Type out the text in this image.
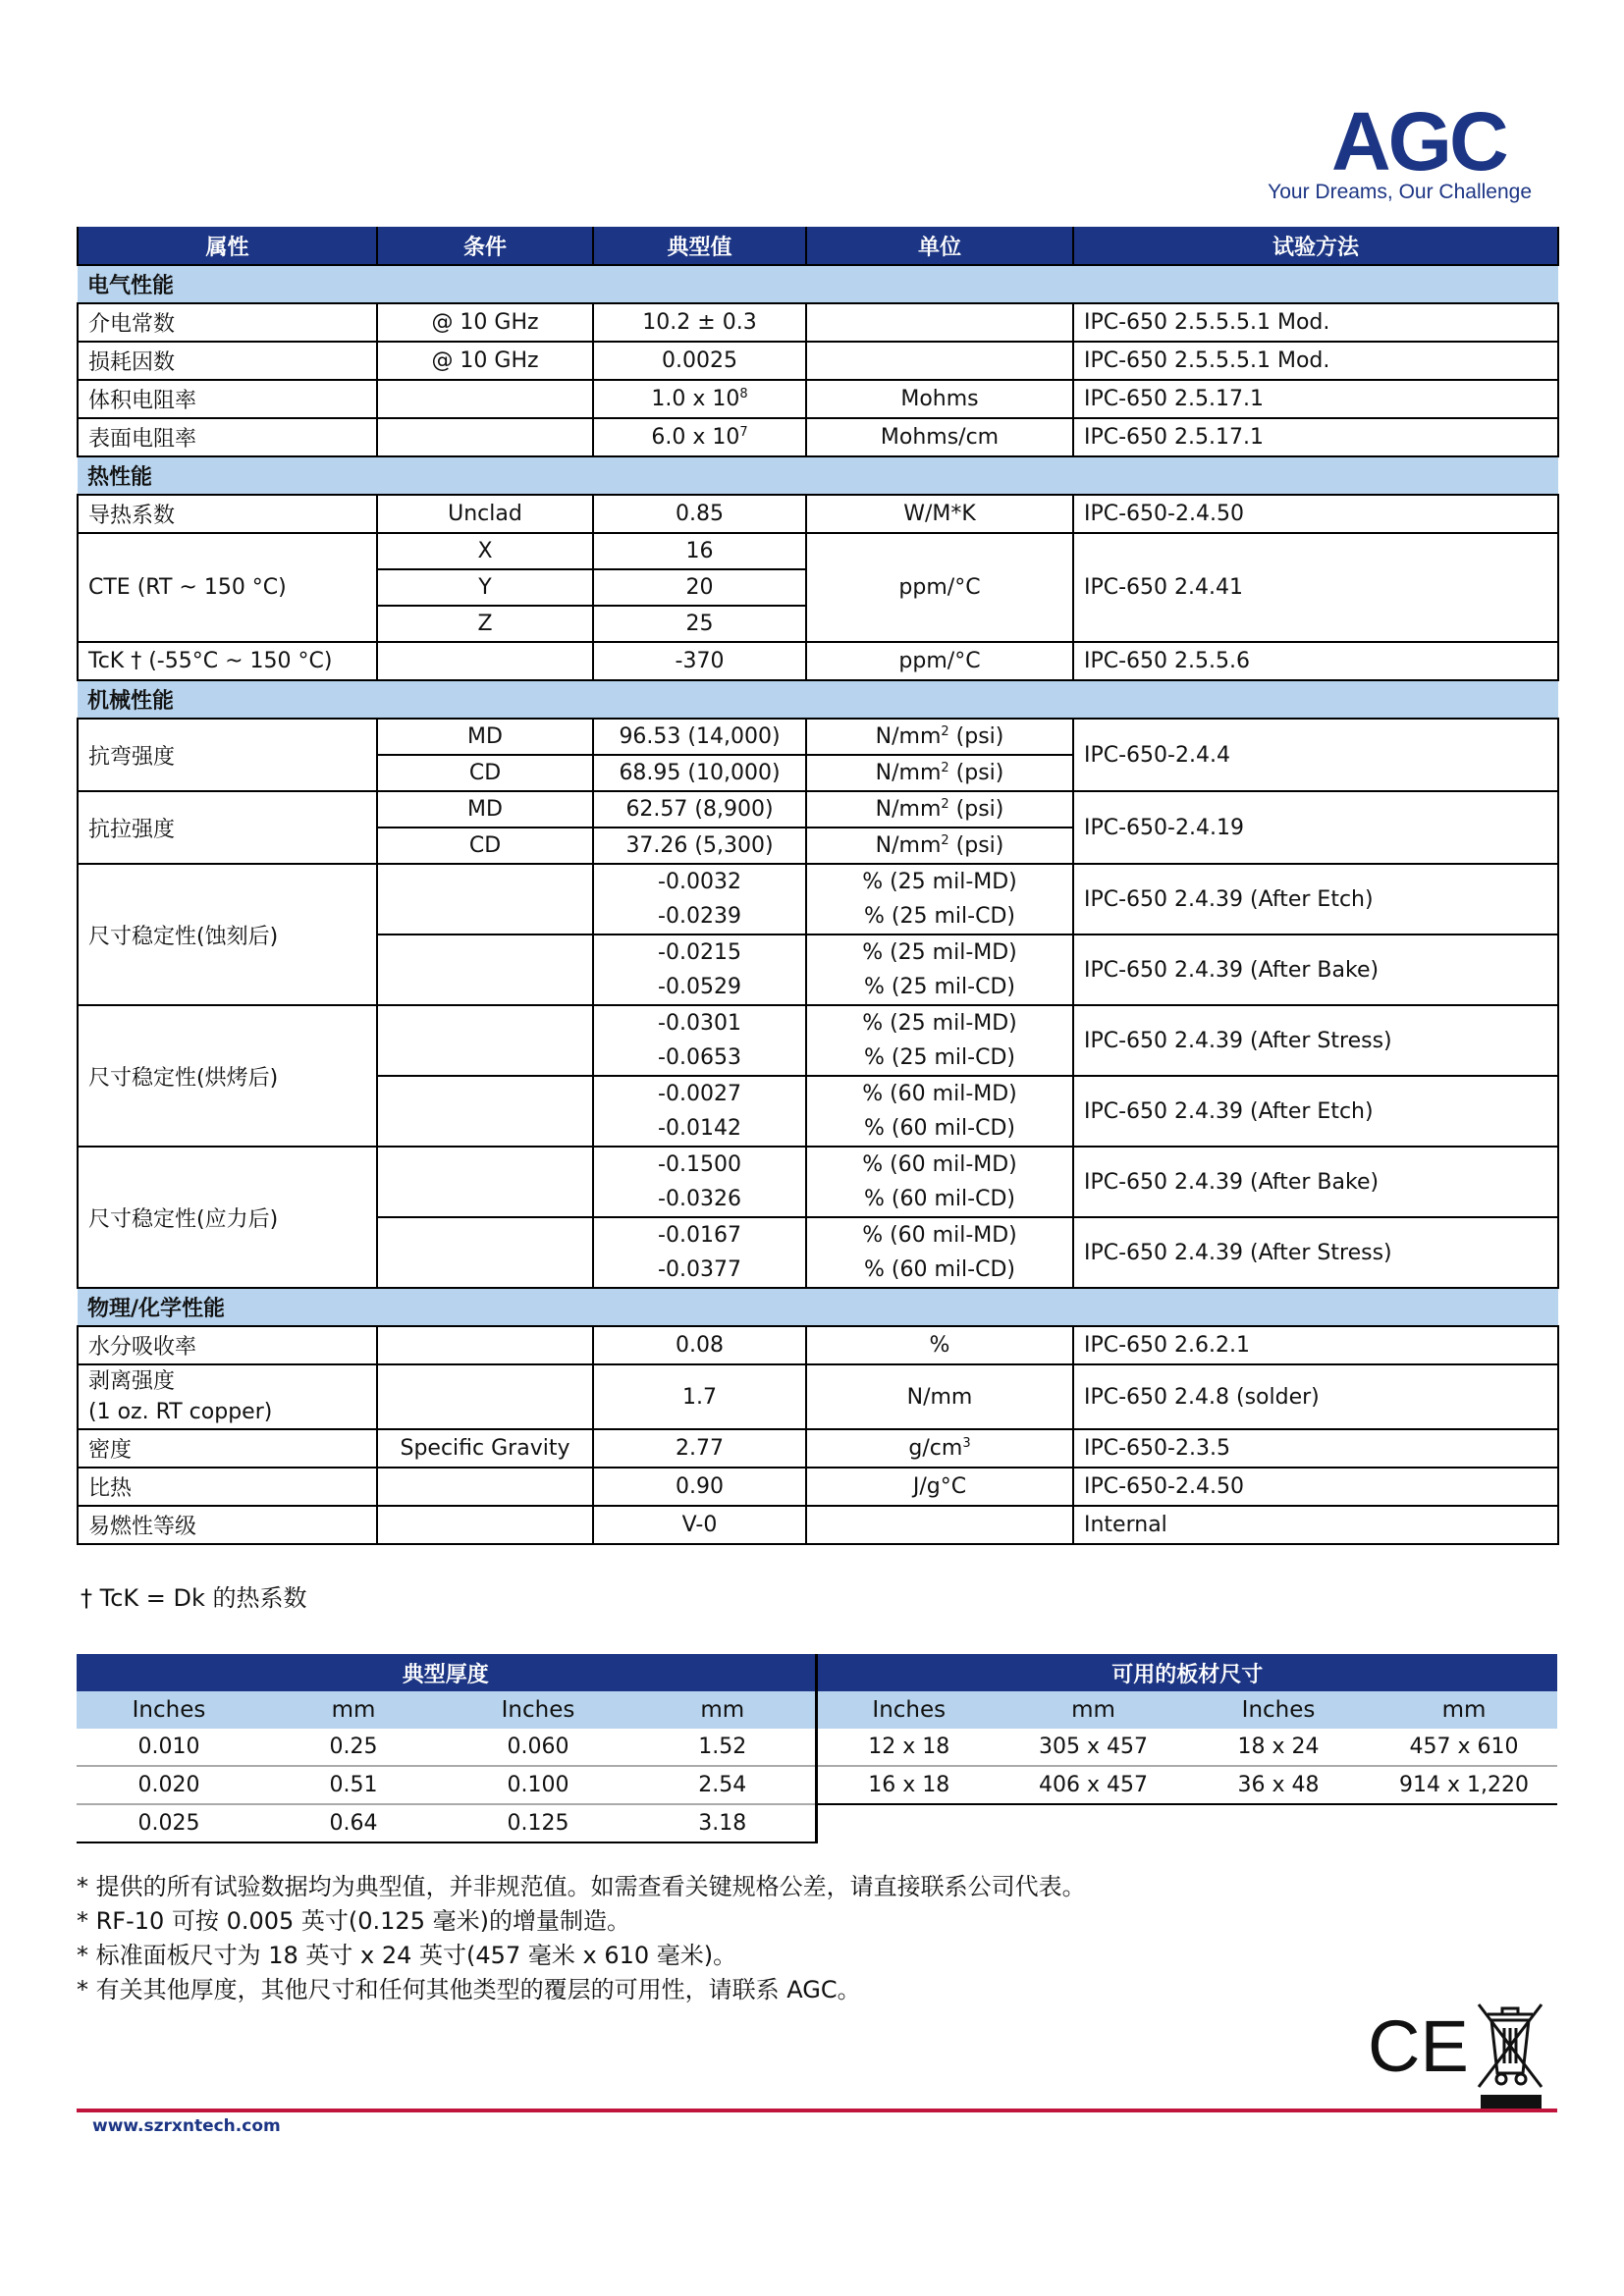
AGC
Your Dreams, Our Challenge
属性	条件	典型值	单位	试验方法
电气性能				
介电常数	@ 10 GHz	10.2 ± 0.3		IPC-650 2.5.5.5.1 Mod.
损耗因数	@ 10 GHz	0.0025		IPC-650 2.5.5.5.1 Mod.
体积电阻率		1.0 x $10^8$	Mohms	IPC-650 2.5.17.1
表面电阻率		6.0 x $10^7$	Mohms/cm	IPC-650 2.5.17.1
热性能				
导热系数	Unclad	0.85	W/M*K	IPC-650-2.4.50
CTE (RT ~ 150 °C)	X	16	ppm/°C	IPC-650 2.4.41
	Y	20		
	Z	25		
TcK † (-55°C ~ 150 °C)		-370	ppm/°C	IPC-650 2.5.5.6
机械性能				
抗弯强度	MD	96.53 (14,000)	$N/mm^2$ (psi)	IPC-650-2.4.4
	CD	68.95 (10,000)	$N/mm^2$ (psi)	
抗拉强度	MD	62.57 (8,900)	$N/mm^2$ (psi)	IPC-650-2.4.19
	CD	37.26 (5,300)	$N/mm^2$ (psi)	
尺寸稳定性(蚀刻后)		-0.0032	% (25 mil-MD)	IPC-650 2.4.39 (After Etch)
		-0.0239	% (25 mil-CD)	
		-0.0215	% (25 mil-MD)	IPC-650 2.4.39 (After Bake)
		-0.0529	% (25 mil-CD)	
尺寸稳定性(烘烤后)		-0.0301	% (25 mil-MD)	IPC-650 2.4.39 (After Stress)
		-0.0653	% (25 mil-CD)	
		-0.0027	% (60 mil-MD)	IPC-650 2.4.39 (After Etch)
		-0.0142	% (60 mil-CD)	
尺寸稳定性(应力后)		-0.1500	% (60 mil-MD)	IPC-650 2.4.39 (After Bake)
		-0.0326	% (60 mil-CD)	
		-0.0167	% (60 mil-MD)	IPC-650 2.4.39 (After Stress)
		-0.0377	% (60 mil-CD)	
物理/化学性能				
水分吸收率		0.08	%	IPC-650 2.6.2.1

剥离强度
(1 oz. RT copper)		1.7	N/mm	IPC-650 2.4.8 (solder)
密度	Specific Gravity	2.77	$g/cm^3$	IPC-650-2.3.5
比热		0.90	J/g°C	IPC-650-2.4.50
易燃性等级		V-0		Internal
† TcK = Dk 的热系数
典型厚度				可用的板材尺寸			
Inches	mm	Inches	mm	Inches	mm	Inches	mm
0.010	0.25	0.060	1.52	12 x 18	305 x 457	18 x 24	457 x 610
0.020	0.51	0.100	2.54	16 x 18	406 x 457	36 x 48	914 x 1,220
0.025	0.64	0.125	3.18				
* 提供的所有试验数据均为典型值，并非规范值。如需查看关键规格公差，请直接联系公司代表。
* RF-10 可按 0.005 英寸(0.125 毫米)的增量制造。
* 标准面板尺寸为 18 英寸 x 24 英寸(457 毫米 x 610 毫米)。
* 有关其他厚度，其他尺寸和任何其他类型的覆层的可用性，请联系 AGC。
CE
www.szrxntech.com
